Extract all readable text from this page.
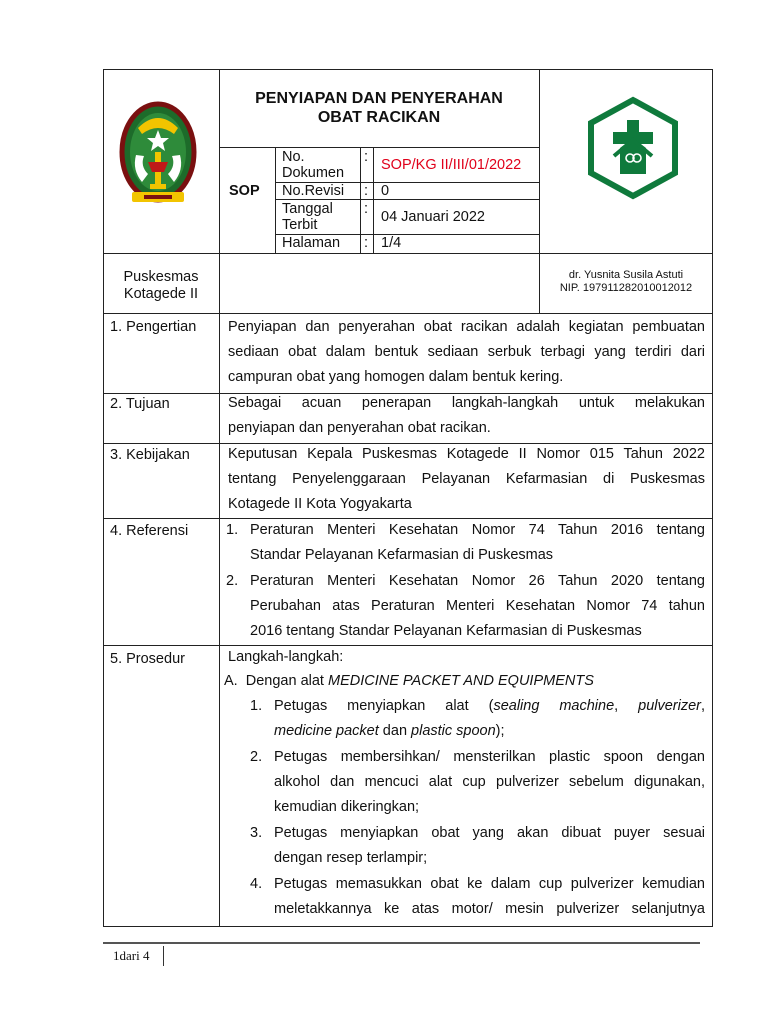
PENYIAPAN DAN PENYERAHAN
OBAT RACIKAN
SOP
No.
Dokumen
: SOP/KG II/III/01/2022
No.Revisi : 0
Tanggal
Terbit
: 04 Januari 2022
Halaman : 1/4
Puskesmas
Kotagede II
dr. Yusnita Susila Astuti
NIP. 197911282010012012
1. Pengertian Penyiapan dan penyerahan obat racikan adalah kegiatan pembuatan
sediaan obat dalam bentuk sediaan serbuk terbagi yang terdiri dari
campuran obat yang homogen dalam bentuk kering.
2. Tujuan	Sebagai acuan penerapan langkah-langkah untuk melakukan
penyiapan dan penyerahan obat racikan.
3. Kebijakan	Keputusan Kepala Puskesmas Kotagede II Nomor 015 Tahun 2022
tentang Penyelenggaraan Pelayanan Kefarmasian di Puskesmas
Kotagede II Kota Yogyakarta
4. Referensi	1. Peraturan Menteri Kesehatan Nomor 74 Tahun 2016 tentang
Standar Pelayanan Kefarmasian di Puskesmas
2. Peraturan Menteri Kesehatan Nomor 26 Tahun 2020 tentang
Perubahan atas Peraturan Menteri Kesehatan Nomor 74 tahun
2016 tentang Standar Pelayanan Kefarmasian di Puskesmas
5. Prosedur	Langkah-langkah:
A.  Dengan alat MEDICINE PACKET AND EQUIPMENTS
1. Petugas menyiapkan alat (sealing machine, pulverizer,
medicine packet dan plastic spoon);
2. Petugas membersihkan/ mensterilkan plastic spoon dengan
alkohol dan mencuci alat cup pulverizer sebelum digunakan,
kemudian dikeringkan;
3. Petugas menyiapkan obat yang akan dibuat puyer sesuai
dengan resep terlampir;
4. Petugas memasukkan obat ke dalam cup pulverizer kemudian
meletakkannya ke atas motor/ mesin pulverizer selanjutnya
1dari 4
